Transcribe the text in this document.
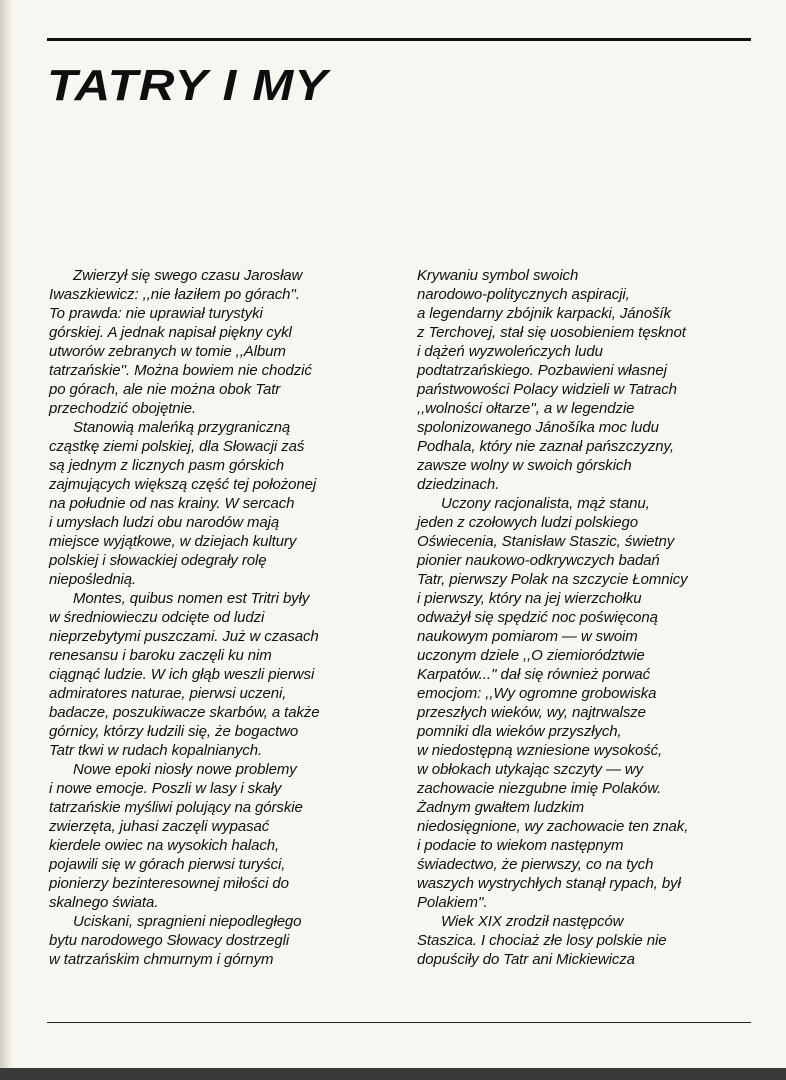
TATRY I MY
Zwierzył się swego czasu Jarosław
Iwaszkiewicz: ,,nie łaziłem po górach''.
To prawda: nie uprawiał turystyki
górskiej. A jednak napisał piękny cykl
utworów zebranych w tomie ,,Album
tatrzańskie''. Można bowiem nie chodzić
po górach, ale nie można obok Tatr
przechodzić obojętnie.
Stanowią maleńką przygraniczną
cząstkę ziemi polskiej, dla Słowacji zaś
są jednym z licznych pasm górskich
zajmujących większą część tej położonej
na południe od nas krainy. W sercach
i umysłach ludzi obu narodów mają
miejsce wyjątkowe, w dziejach kultury
polskiej i słowackiej odegrały rolę
niepoślednią.
Montes, quibus nomen est Tritri były
w średniowieczu odcięte od ludzi
nieprzebytymi puszczami. Już w czasach
renesansu i baroku zaczęli ku nim
ciągnąć ludzie. W ich głąb weszli pierwsi
admiratores naturae, pierwsi uczeni,
badacze, poszukiwacze skarbów, a także
górnicy, którzy łudzili się, że bogactwo
Tatr tkwi w rudach kopalnianych.
Nowe epoki niosły nowe problemy
i nowe emocje. Poszli w lasy i skały
tatrzańskie myśliwi polujący na górskie
zwierzęta, juhasi zaczęli wypasać
kierdele owiec na wysokich halach,
pojawili się w górach pierwsi turyści,
pionierzy bezinteresownej miłości do
skalnego świata.
Uciskani, spragnieni niepodległego
bytu narodowego Słowacy dostrzegli
w tatrzańskim chmurnym i górnym
Krywaniu symbol swoich
narodowo-politycznych aspiracji,
a legendarny zbójnik karpacki, Jánošík
z Terchovej, stał się uosobieniem tęsknot
i dążeń wyzwoleńczych ludu
podtatrzańskiego. Pozbawieni własnej
państwowości Polacy widzieli w Tatrach
,,wolności ołtarze'', a w legendzie
spolonizowanego Jánošíka moc ludu
Podhala, który nie zaznał pańszczyzny,
zawsze wolny w swoich górskich
dziedzinach.
Uczony racjonalista, mąż stanu,
jeden z czołowych ludzi polskiego
Oświecenia, Stanisław Staszic, świetny
pionier naukowo-odkrywczych badań
Tatr, pierwszy Polak na szczycie Łomnicy
i pierwszy, który na jej wierzchołku
odważył się spędzić noc poświęconą
naukowym pomiarom — w swoim
uczonym dziele ,,O ziemiorództwie
Karpatów...'' dał się również porwać
emocjom: ,,Wy ogromne grobowiska
przeszłych wieków, wy, najtrwalsze
pomniki dla wieków przyszłych,
w niedostępną wzniesione wysokość,
w obłokach utykając szczyty — wy
zachowacie niezgubne imię Polaków.
Żadnym gwałtem ludzkim
niedosięgnione, wy zachowacie ten znak,
i podacie to wiekom następnym
świadectwo, że pierwszy, co na tych
waszych wystrychłych stanął rypach, był
Polakiem''.
Wiek XIX zrodził następców
Staszica. I chociaż złe losy polskie nie
dopuściły do Tatr ani Mickiewicza
